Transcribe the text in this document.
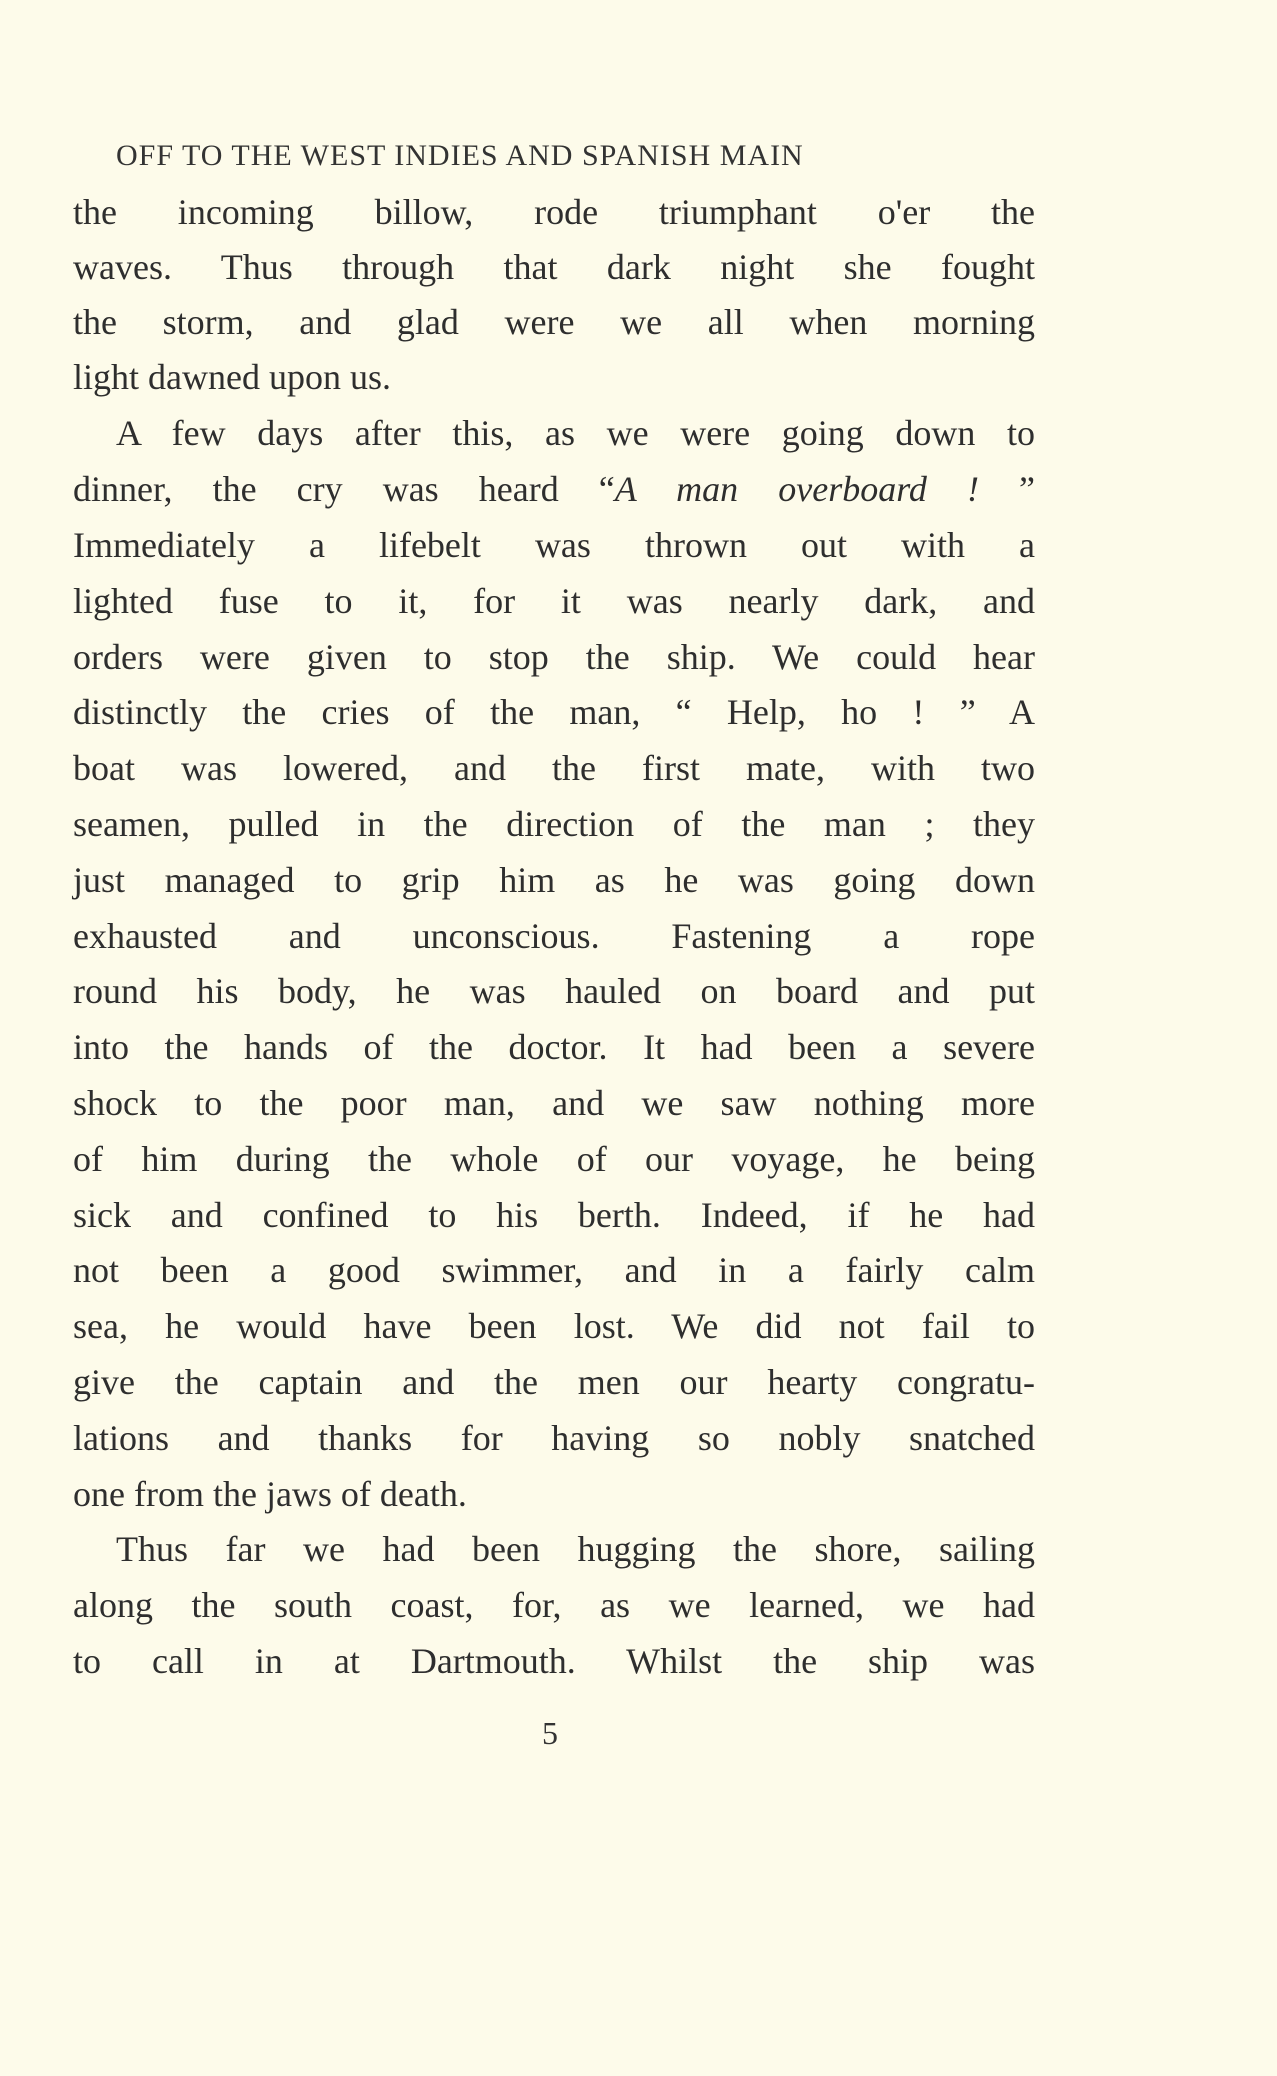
OFF TO THE WEST INDIES AND SPANISH MAIN
the incoming billow, rode triumphant o'er the
waves. Thus through that dark night she fought
the storm, and glad were we all when morning
light dawned upon us.
A few days after this, as we were going down to
dinner, the cry was heard “A man overboard ! ”
Immediately a lifebelt was thrown out with a
lighted fuse to it, for it was nearly dark, and
orders were given to stop the ship. We could hear
distinctly the cries of the man, “ Help, ho ! ” A
boat was lowered, and the first mate, with two
seamen, pulled in the direction of the man ; they
just managed to grip him as he was going down
exhausted and unconscious. Fastening a rope
round his body, he was hauled on board and put
into the hands of the doctor. It had been a severe
shock to the poor man, and we saw nothing more
of him during the whole of our voyage, he being
sick and confined to his berth. Indeed, if he had
not been a good swimmer, and in a fairly calm
sea, he would have been lost. We did not fail to
give the captain and the men our hearty congratu-
lations and thanks for having so nobly snatched
one from the jaws of death.
Thus far we had been hugging the shore, sailing
along the south coast, for, as we learned, we had
to call in at Dartmouth. Whilst the ship was
5
